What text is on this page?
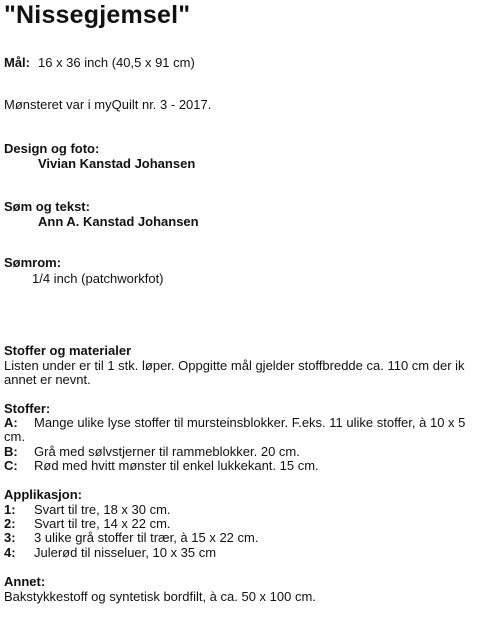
"Nissegjemsel"
Mål: 16 x 36 inch (40,5 x 91 cm)
Mønsteret var i myQuilt nr. 3 - 2017.
Design og foto:
Vivian Kanstad Johansen
Søm og tekst:
Ann A. Kanstad Johansen
Sømrom:
1/4 inch (patchworkfot)
Stoffer og materialer
Listen under er til 1 stk. løper. Oppgitte mål gjelder stoffbredde ca. 110 cm der ik
annet er nevnt.
Stoffer:
A: Mange ulike lyse stoffer til mursteinsblokker. F.eks. 11 ulike stoffer, à 10 x 5
cm.
B: Grå med sølvstjerner til rammeblokker. 20 cm.
C: Rød med hvitt mønster til enkel lukkekant. 15 cm.
Applikasjon:
1: Svart til tre, 18 x 30 cm.
2: Svart til tre, 14 x 22 cm.
3: 3 ulike grå stoffer til trær, à 15 x 22 cm.
4: Julerød til nisseluer, 10 x 35 cm
Annet:
Bakstykkestoff og syntetisk bordfilt, à ca. 50 x 100 cm.
